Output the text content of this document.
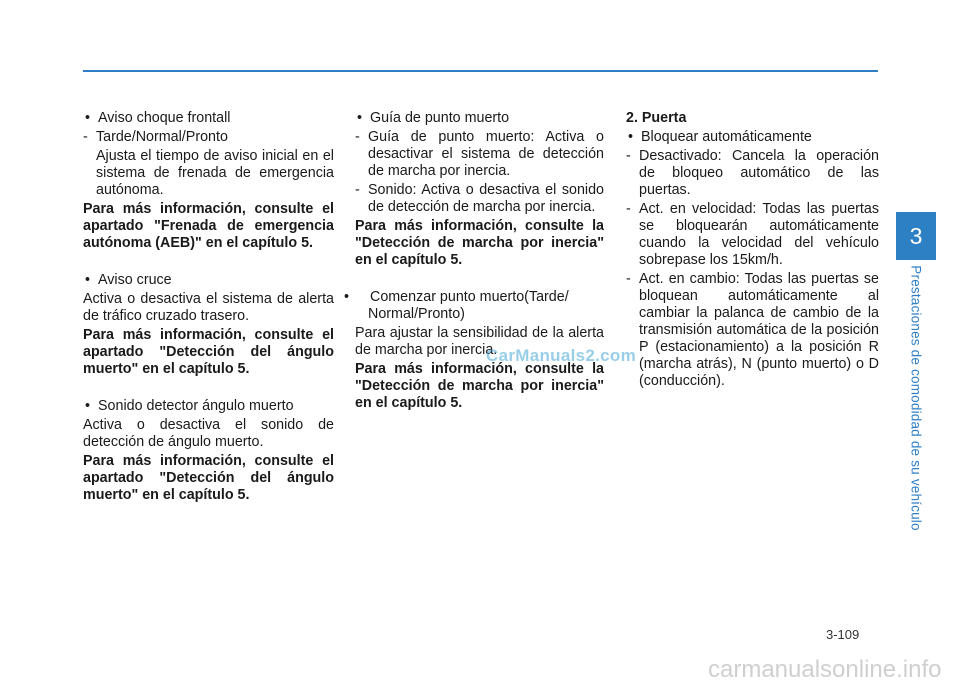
• Aviso choque frontall

- Tarde/Normal/Pronto

Ajusta el tiempo de aviso inicial en el sistema de frenada de emergencia autónoma.

Para más información, consulte el apartado "Frenada de emergencia autónoma (AEB)" en el capítulo 5.

• Aviso cruce

Activa o desactiva el sistema de alerta de tráfico cruzado trasero.

Para más información, consulte el apartado "Detección del ángulo muerto" en el capítulo 5.

• Sonido detector ángulo muerto

Activa o desactiva el sonido de detección de ángulo muerto.

Para más información, consulte el apartado "Detección del ángulo muerto" en el capítulo 5.

• Guía de punto muerto

- Guía de punto muerto: Activa o desactivar el sistema de detección de marcha por inercia.

- Sonido: Activa o desactiva el sonido de detección de marcha por inercia.

Para más información, consulte la "Detección de marcha por inercia" en el capítulo 5.

• Comenzar punto muerto(Tarde/ Normal/Pronto)

Para ajustar la sensibilidad de la alerta de marcha por inercia.

Para más información, consulte la "Detección de marcha por inercia" en el capítulo 5.

2. Puerta

• Bloquear automáticamente

- Desactivado: Cancela la operación de bloqueo automático de las puertas.

- Act. en velocidad: Todas las puertas se bloquearán automáticamente cuando la velocidad del vehículo sobrepase los 15km/h.

- Act. en cambio: Todas las puertas se bloquean automáticamente al cambiar la palanca de cambio de la transmisión automática de la posición P (estacionamiento) a la posición R (marcha atrás), N (punto muerto) o D (conducción).

CarManuals2.com
3
Prestaciones de comodidad de su vehículo
3-109
carmanualsonline.info
